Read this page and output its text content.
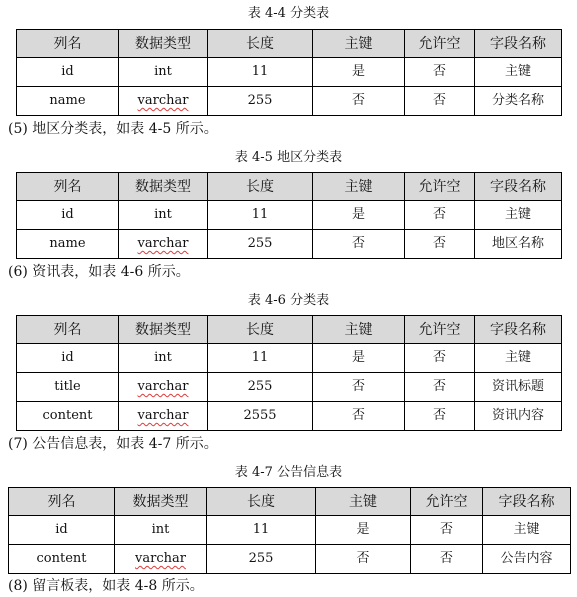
表 4-4 分类表
列名	数据类型	长度	主键	允许空	字段名称
id	int	11	是	否	主键
name	varchar	255	否	否	分类名称
(5) 地区分类表，如表 4-5 所示。
表 4-5 地区分类表
列名	数据类型	长度	主键	允许空	字段名称
id	int	11	是	否	主键
name	varchar	255	否	否	地区名称
(6) 资讯表，如表 4-6 所示。
表 4-6 分类表
列名	数据类型	长度	主键	允许空	字段名称
id	int	11	是	否	主键
title	varchar	255	否	否	资讯标题
content	varchar	2555	否	否	资讯内容
(7) 公告信息表，如表 4-7 所示。
表 4-7 公告信息表
列名	数据类型	长度	主键	允许空	字段名称
id	int	11	是	否	主键
content	varchar	255	否	否	公告内容
(8) 留言板表，如表 4-8 所示。
